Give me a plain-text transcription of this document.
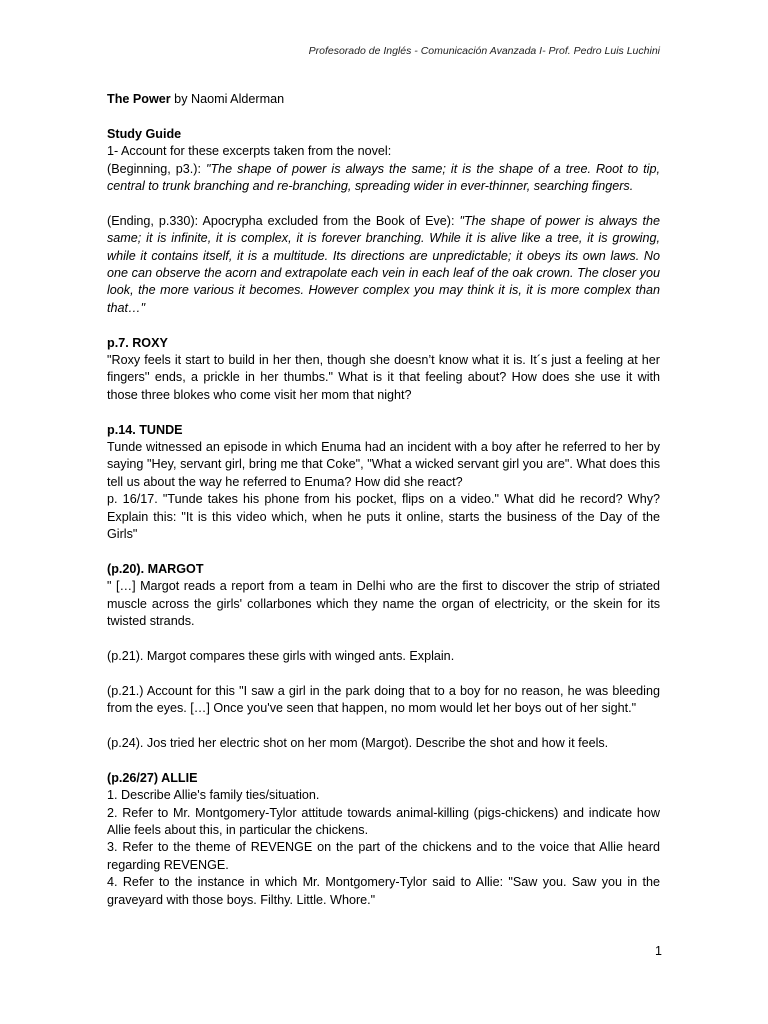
Profesorado de Inglés - Comunicación Avanzada I- Prof. Pedro Luis Luchini

The Power by Naomi Alderman

Study Guide

1- Account for these excerpts taken from the novel:

(Beginning, p3.): "The shape of power is always the same; it is the shape of a tree. Root to tip, central to trunk branching and re-branching, spreading wider in ever-thinner, searching fingers.

(Ending, p.330): Apocrypha excluded from the Book of Eve): "The shape of power is always the same; it is infinite, it is complex, it is forever branching. While it is alive like a tree, it is growing, while it contains itself, it is a multitude. Its directions are unpredictable; it obeys its own laws. No one can observe the acorn and extrapolate each vein in each leaf of the oak crown. The closer you look, the more various it becomes. However complex you may think it is, it is more complex than that…"

p.7. ROXY

"Roxy feels it start to build in her then, though she doesn’t know what it is. It´s just a feeling at her fingers'' ends, a prickle in her thumbs." What is it that feeling about? How does she use it with those three blokes who come visit her mom that night?

p.14. TUNDE

Tunde witnessed an episode in which Enuma had an incident with a boy after he referred to her by saying "Hey, servant girl, bring me that Coke", "What a wicked servant girl you are". What does this tell us about the way he referred to Enuma? How did she react?

p. 16/17. "Tunde takes his phone from his pocket, flips on a video." What did he record? Why? Explain this: "It is this video which, when he puts it online, starts the business of the Day of the Girls"

(p.20). MARGOT

" […] Margot reads a report from a team in Delhi who are the first to discover the strip of striated muscle across the girls' collarbones which they name the organ of electricity, or the skein for its twisted strands.

(p.21). Margot compares these girls with winged ants. Explain.

(p.21.) Account for this "I saw a girl in the park doing that to a boy for no reason, he was bleeding from the eyes. […] Once you've seen that happen, no mom would let her boys out of her sight."

(p.24). Jos tried her electric shot on her mom (Margot). Describe the shot and how it feels.

(p.26/27) ALLIE

1. Describe Allie's family ties/situation.

2. Refer to Mr. Montgomery-Tylor attitude towards animal-killing (pigs-chickens) and indicate how Allie feels about this, in particular the chickens.

3. Refer to the theme of REVENGE on the part of the chickens and to the voice that Allie heard regarding REVENGE.

4. Refer to the instance in which Mr. Montgomery-Tylor said to Allie: "Saw you. Saw you in the graveyard with those boys. Filthy. Little. Whore."

1
